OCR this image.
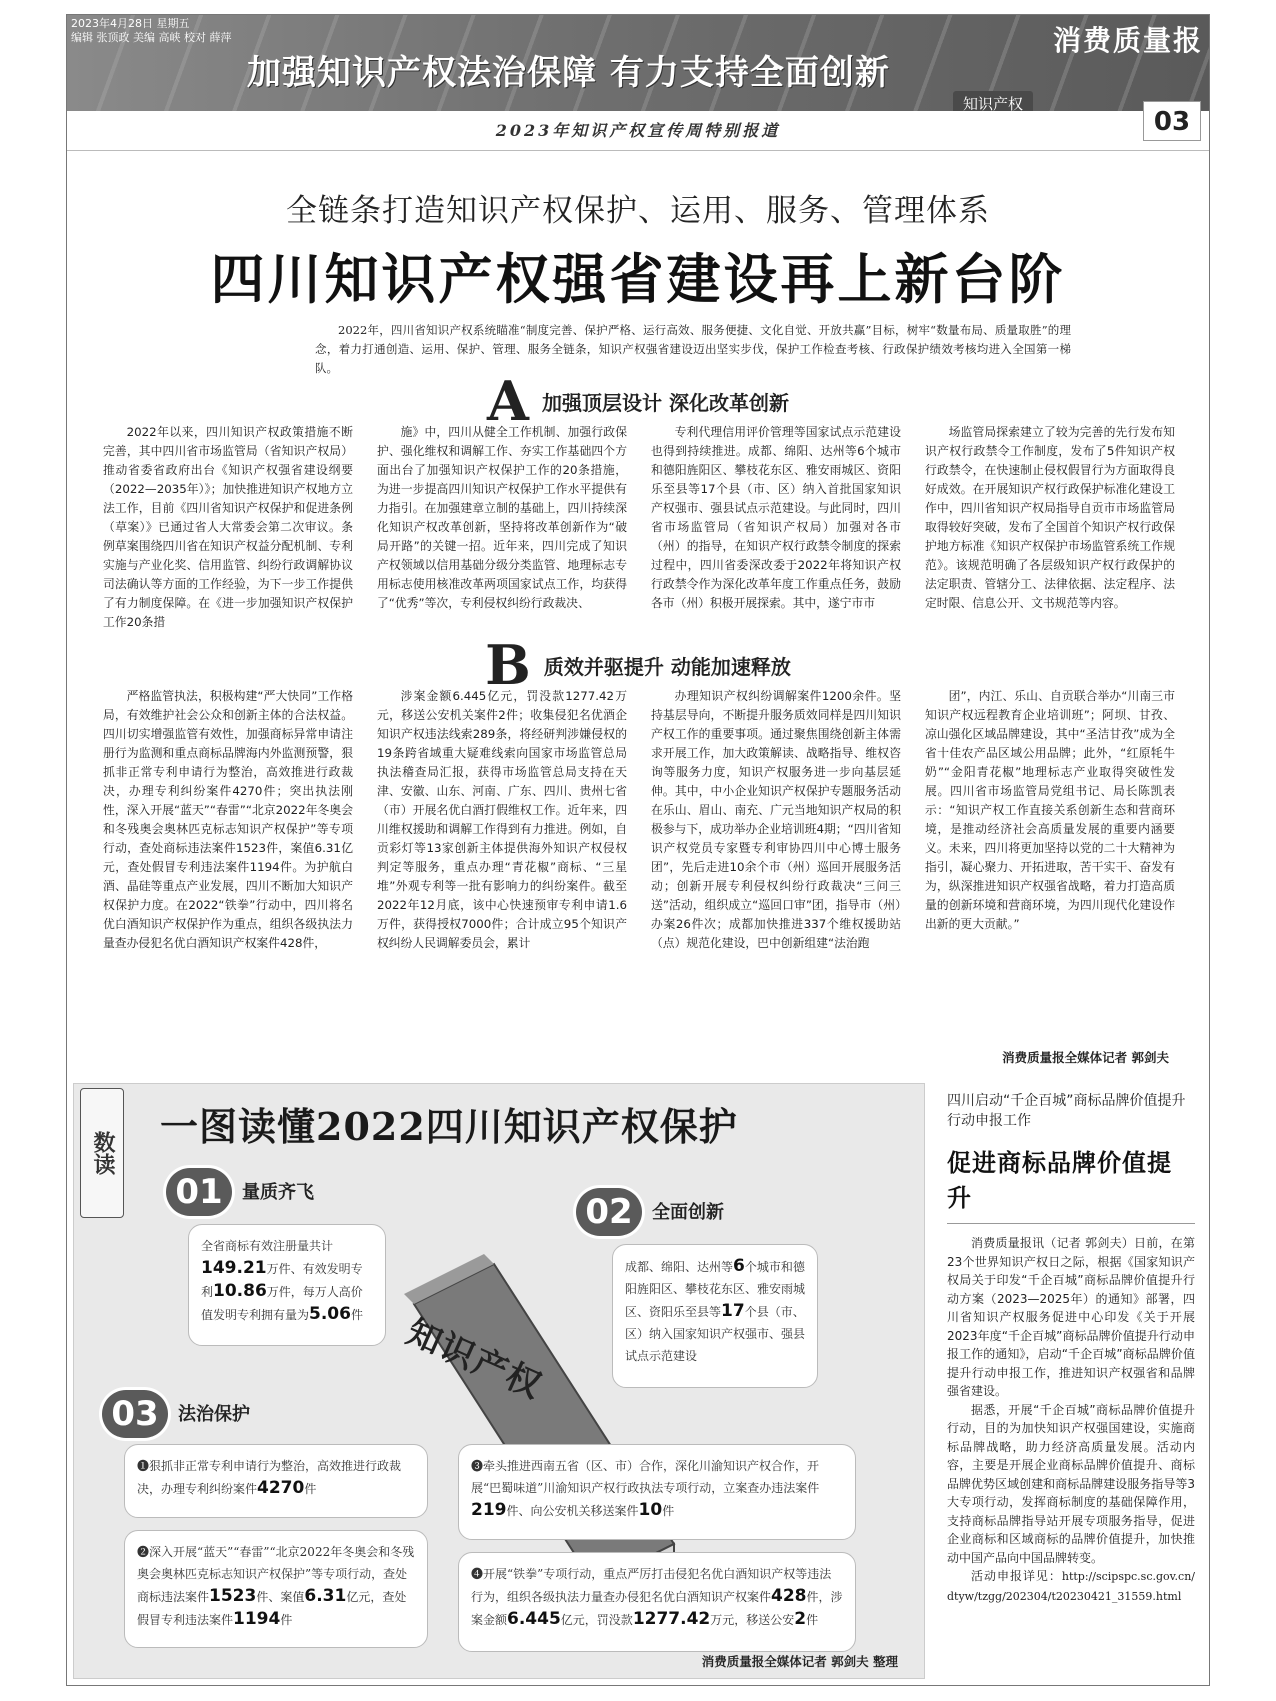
2023年4月28日 星期五
编辑 张顶政 美编 高峡 校对 薛萍
加强知识产权法治保障 有力支持全面创新
消费质量报
知识产权
03
2023年知识产权宣传周特别报道
全链条打造知识产权保护、运用、服务、管理体系
四川知识产权强省建设再上新台阶
2022年，四川省知识产权系统瞄准“制度完善、保护严格、运行高效、服务便捷、文化自觉、开放共赢”目标，树牢“数量布局、质量取胜”的理念，着力打通创造、运用、保护、管理、服务全链条，知识产权强省建设迈出坚实步伐，保护工作检查考核、行政保护绩效考核均进入全国第一梯队。
A 加强顶层设计 深化改革创新

2022年以来，四川知识产权政策措施不断完善，其中四川省市场监管局（省知识产权局）推动省委省政府出台《知识产权强省建设纲要（2022—2035年）》；加快推进知识产权地方立法工作，目前《四川省知识产权保护和促进条例（草案）》已通过省人大常委会第二次审议。条例草案围绕四川省在知识产权益分配机制、专利实施与产业化奖、信用监管、纠纷行政调解协议司法确认等方面的工作经验，为下一步工作提供了有力制度保障。在《进一步加强知识产权保护工作20条措

施》中，四川从健全工作机制、加强行政保护、强化维权和调解工作、夯实工作基础四个方面出台了加强知识产权保护工作的20条措施，为进一步提高四川知识产权保护工作水平提供有力指引。在加强建章立制的基础上，四川持续深化知识产权改革创新，坚持将改革创新作为“破局开路”的关键一招。近年来，四川完成了知识产权领域以信用基础分级分类监管、地理标志专用标志使用核准改革两项国家试点工作，均获得了“优秀”等次，专利侵权纠纷行政裁决、

专利代理信用评价管理等国家试点示范建设也得到持续推进。成都、绵阳、达州等6个城市和德阳旌阳区、攀枝花东区、雅安雨城区、资阳乐至县等17个县（市、区）纳入首批国家知识产权强市、强县试点示范建设。与此同时，四川省市场监管局（省知识产权局）加强对各市（州）的指导，在知识产权行政禁令制度的探索过程中，四川省委深改委于2022年将知识产权行政禁令作为深化改革年度工作重点任务，鼓励各市（州）积极开展探索。其中，遂宁市市

场监管局探索建立了较为完善的先行发布知识产权行政禁令工作制度，发布了5件知识产权行政禁令，在快速制止侵权假冒行为方面取得良好成效。在开展知识产权行政保护标准化建设工作中，四川省知识产权局指导自贡市市场监管局取得较好突破，发布了全国首个知识产权行政保护地方标准《知识产权保护市场监管系统工作规范》。该规范明确了各层级知识产权行政保护的法定职责、管辖分工、法律依据、法定程序、法定时限、信息公开、文书规范等内容。

B 质效并驱提升 动能加速释放

严格监管执法，积极构建“严大快同”工作格局，有效维护社会公众和创新主体的合法权益。四川切实增强监管有效性，加强商标异常申请注册行为监测和重点商标品牌海内外监测预警，狠抓非正常专利申请行为整治，高效推进行政裁决，办理专利纠纷案件4270件；突出执法刚性，深入开展“蓝天”“春雷”“北京2022年冬奥会和冬残奥会奥林匹克标志知识产权保护”等专项行动，查处商标违法案件1523件，案值6.31亿元，查处假冒专利违法案件1194件。为护航白酒、晶硅等重点产业发展，四川不断加大知识产权保护力度。在2022“铁拳”行动中，四川将名优白酒知识产权保护作为重点，组织各级执法力量查办侵犯名优白酒知识产权案件428件，

涉案金额6.445亿元，罚没款1277.42万元，移送公安机关案件2件；收集侵犯名优酒企知识产权违法线索289条，将经研判涉嫌侵权的19条跨省域重大疑难线索向国家市场监管总局执法稽查局汇报，获得市场监管总局支持在天津、安徽、山东、河南、广东、四川、贵州七省（市）开展名优白酒打假维权工作。近年来，四川维权援助和调解工作得到有力推进。例如，自贡彩灯等13家创新主体提供海外知识产权侵权判定等服务，重点办理“青花椒”商标、“三星堆”外观专利等一批有影响力的纠纷案件。截至2022年12月底，该中心快速预审专利申请1.6万件，获得授权7000件；合计成立95个知识产权纠纷人民调解委员会，累计

办理知识产权纠纷调解案件1200余件。坚持基层导向，不断提升服务质效同样是四川知识产权工作的重要事项。通过聚焦围绕创新主体需求开展工作，加大政策解读、战略指导、维权咨询等服务力度，知识产权服务进一步向基层延伸。其中，中小企业知识产权保护专题服务活动在乐山、眉山、南充、广元当地知识产权局的积极参与下，成功举办企业培训班4期；“四川省知识产权党员专家暨专利审协四川中心博士服务团”，先后走进10余个市（州）巡回开展服务活动；创新开展专利侵权纠纷行政裁决“三问三送”活动，组织成立“巡回口审”团，指导市（州）办案26件次；成都加快推进337个维权援助站（点）规范化建设，巴中创新组建“法治跑

团”，内江、乐山、自贡联合举办“川南三市知识产权远程教育企业培训班”；阿坝、甘孜、凉山强化区域品牌建设，其中“圣洁甘孜”成为全省十佳农产品区域公用品牌；此外，“红原牦牛奶”“金阳青花椒”地理标志产业取得突破性发展。四川省市场监管局党组书记、局长陈凯表示：“知识产权工作直接关系创新生态和营商环境，是推动经济社会高质量发展的重要内涵要义。未来，四川将更加坚持以党的二十大精神为指引，凝心聚力、开拓进取，苦干实干、奋发有为，纵深推进知识产权强省战略，着力打造高质量的创新环境和营商环境，为四川现代化建设作出新的更大贡献。”

消费质量报全媒体记者 郭剑夫
数读
一图读懂2022四川知识产权保护
知识产权
01	量质齐飞
全省商标有效注册量共计149.21万件、有效发明专利10.86万件，每万人高价值发明专利拥有量为5.06件
02	全面创新
成都、绵阳、达州等6个城市和德阳旌阳区、攀枝花东区、雅安雨城区、资阳乐至县等17个县（市、区）纳入国家知识产权强市、强县试点示范建设
03	法治保护
❶狠抓非正常专利申请行为整治，高效推进行政裁决，办理专利纠纷案件4270件
❷深入开展“蓝天”“春雷”“北京2022年冬奥会和冬残奥会奥林匹克标志知识产权保护”等专项行动，查处商标违法案件1523件、案值6.31亿元，查处假冒专利违法案件1194件
❸牵头推进西南五省（区、市）合作，深化川渝知识产权合作，开展“巴蜀味道”川渝知识产权行政执法专项行动，立案查办违法案件219件、向公安机关移送案件10件
❹开展“铁拳”专项行动，重点严厉打击侵犯名优白酒知识产权等违法行为，组织各级执法力量查办侵犯名优白酒知识产权案件428件，涉案金额6.445亿元，罚没款1277.42万元，移送公安2件
消费质量报全媒体记者 郭剑夫 整理
四川启动“千企百城”商标品牌价值提升行动申报工作
促进商标品牌价值提升

消费质量报讯（记者 郭剑夫）日前，在第23个世界知识产权日之际，根据《国家知识产权局关于印发“千企百城”商标品牌价值提升行动方案（2023—2025年）的通知》部署，四川省知识产权服务促进中心印发《关于开展2023年度“千企百城”商标品牌价值提升行动申报工作的通知》，启动“千企百城”商标品牌价值提升行动申报工作，推进知识产权强省和品牌强省建设。

据悉，开展“千企百城”商标品牌价值提升行动，目的为加快知识产权强国建设，实施商标品牌战略，助力经济高质量发展。活动内容，主要是开展企业商标品牌价值提升、商标品牌优势区域创建和商标品牌建设服务指导等3大专项行动，发挥商标制度的基础保障作用，支持商标品牌指导站开展专项服务指导，促进企业商标和区域商标的品牌价值提升，加快推动中国产品向中国品牌转变。

活动申报详见：http://scipspc.sc.gov.cn/dtyw/tzgg/202304/t20230421_31559.html
